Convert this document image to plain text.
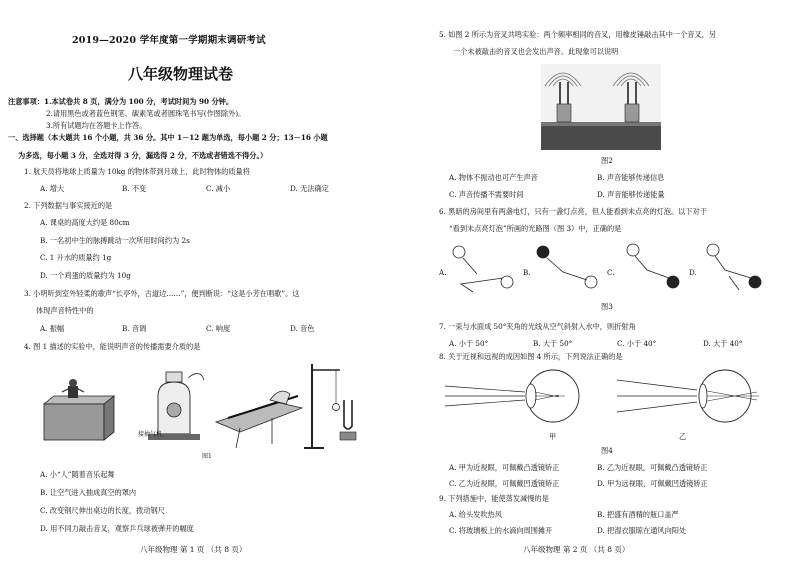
2019—2020 学年度第一学期期末调研考试
八年级物理试卷
注意事项：1.本试卷共 8 页，满分为 100 分，考试时间为 90 分钟。
2.请用黑色或者蓝色钢笔、碳素笔或者圆珠笔书写(作图除外)。
3.所有试题均在答题卡上作答。
一、选择题（本大题共 16 个小题，共 36 分。其中 1－12 题为单选，每小题 2 分；13－16 小题
为多选，每小题 3 分，全选对得 3 分，漏选得 2 分，不选或者错选不得分。）
1. 航天员将地球上质量为 10kg 的物体带到月球上，此时物体的质量将
A. 增大	B. 不变	C. 减小	D. 无法确定
2. 下列数据与事实接近的是
A. 课桌的高度大约是 80cm
B. 一名初中生的脉搏跳动一次所用时间约为 2s
C. 1 升水的质量约 1g
D. 一个鸡蛋的质量约为 10g
3. 小明听到室外轻柔的歌声“长亭外，古道边……”，便判断说：“这是小芳在唱歌”。这
体现声音特性中的
A. 振幅	B. 音调	C. 响度	D. 音色
4. 图 1 描述的实验中，能说明声音的传播需要介质的是
接抽气机
图1
A. 小“人”随着音乐起舞
B. 让空气进入抽成真空的罩内
C. 改变钢尺伸出桌边的长度，拨动钢尺
D. 用不同力敲击音叉，观察乒乓球被弹开的幅度
八年级物理 第 1 页 （共 8 页）
5. 如图 2 所示为音叉共鸣实验：两个频率相同的音叉，用橡皮锤敲击其中一个音叉，另
一个未被敲击的音叉也会发出声音。此现象可以说明
图2
A. 物体不振动也可产生声音	B. 声音能够传递信息
C. 声音传播不需要时间	D. 声音能够传递能量
6. 黑暗的房间里有两盏电灯，只有一盏灯点亮，但人能看到未点亮的灯泡。以下对于
“看到未点亮灯泡”所画的光路图（图 3）中，正确的是
A.	B.	C.	D.
图3
7. 一束与水面成 50°夹角的光线从空气斜射入水中，则折射角
A. 小于 50°	B. 大于 50°	C. 小于 40°	D. 大于 40°
8. 关于近视和远视的成因如图 4 所示，下列说法正确的是
甲	乙
图4
A. 甲为近视眼，可佩戴凸透镜矫正	B. 乙为近视眼，可佩戴凸透镜矫正
C. 乙为近视眼，可佩戴凹透镜矫正	D. 甲为远视眼，可佩戴凹透镜矫正
9. 下列措施中，能使蒸发减慢的是
A. 给头发吹热风	B. 把盛有酒精的瓶口盖严
C. 将玻璃板上的水滴向周围摊开	D. 把湿衣服晾在通风向阳处
八年级物理 第 2 页 （共 8 页）
